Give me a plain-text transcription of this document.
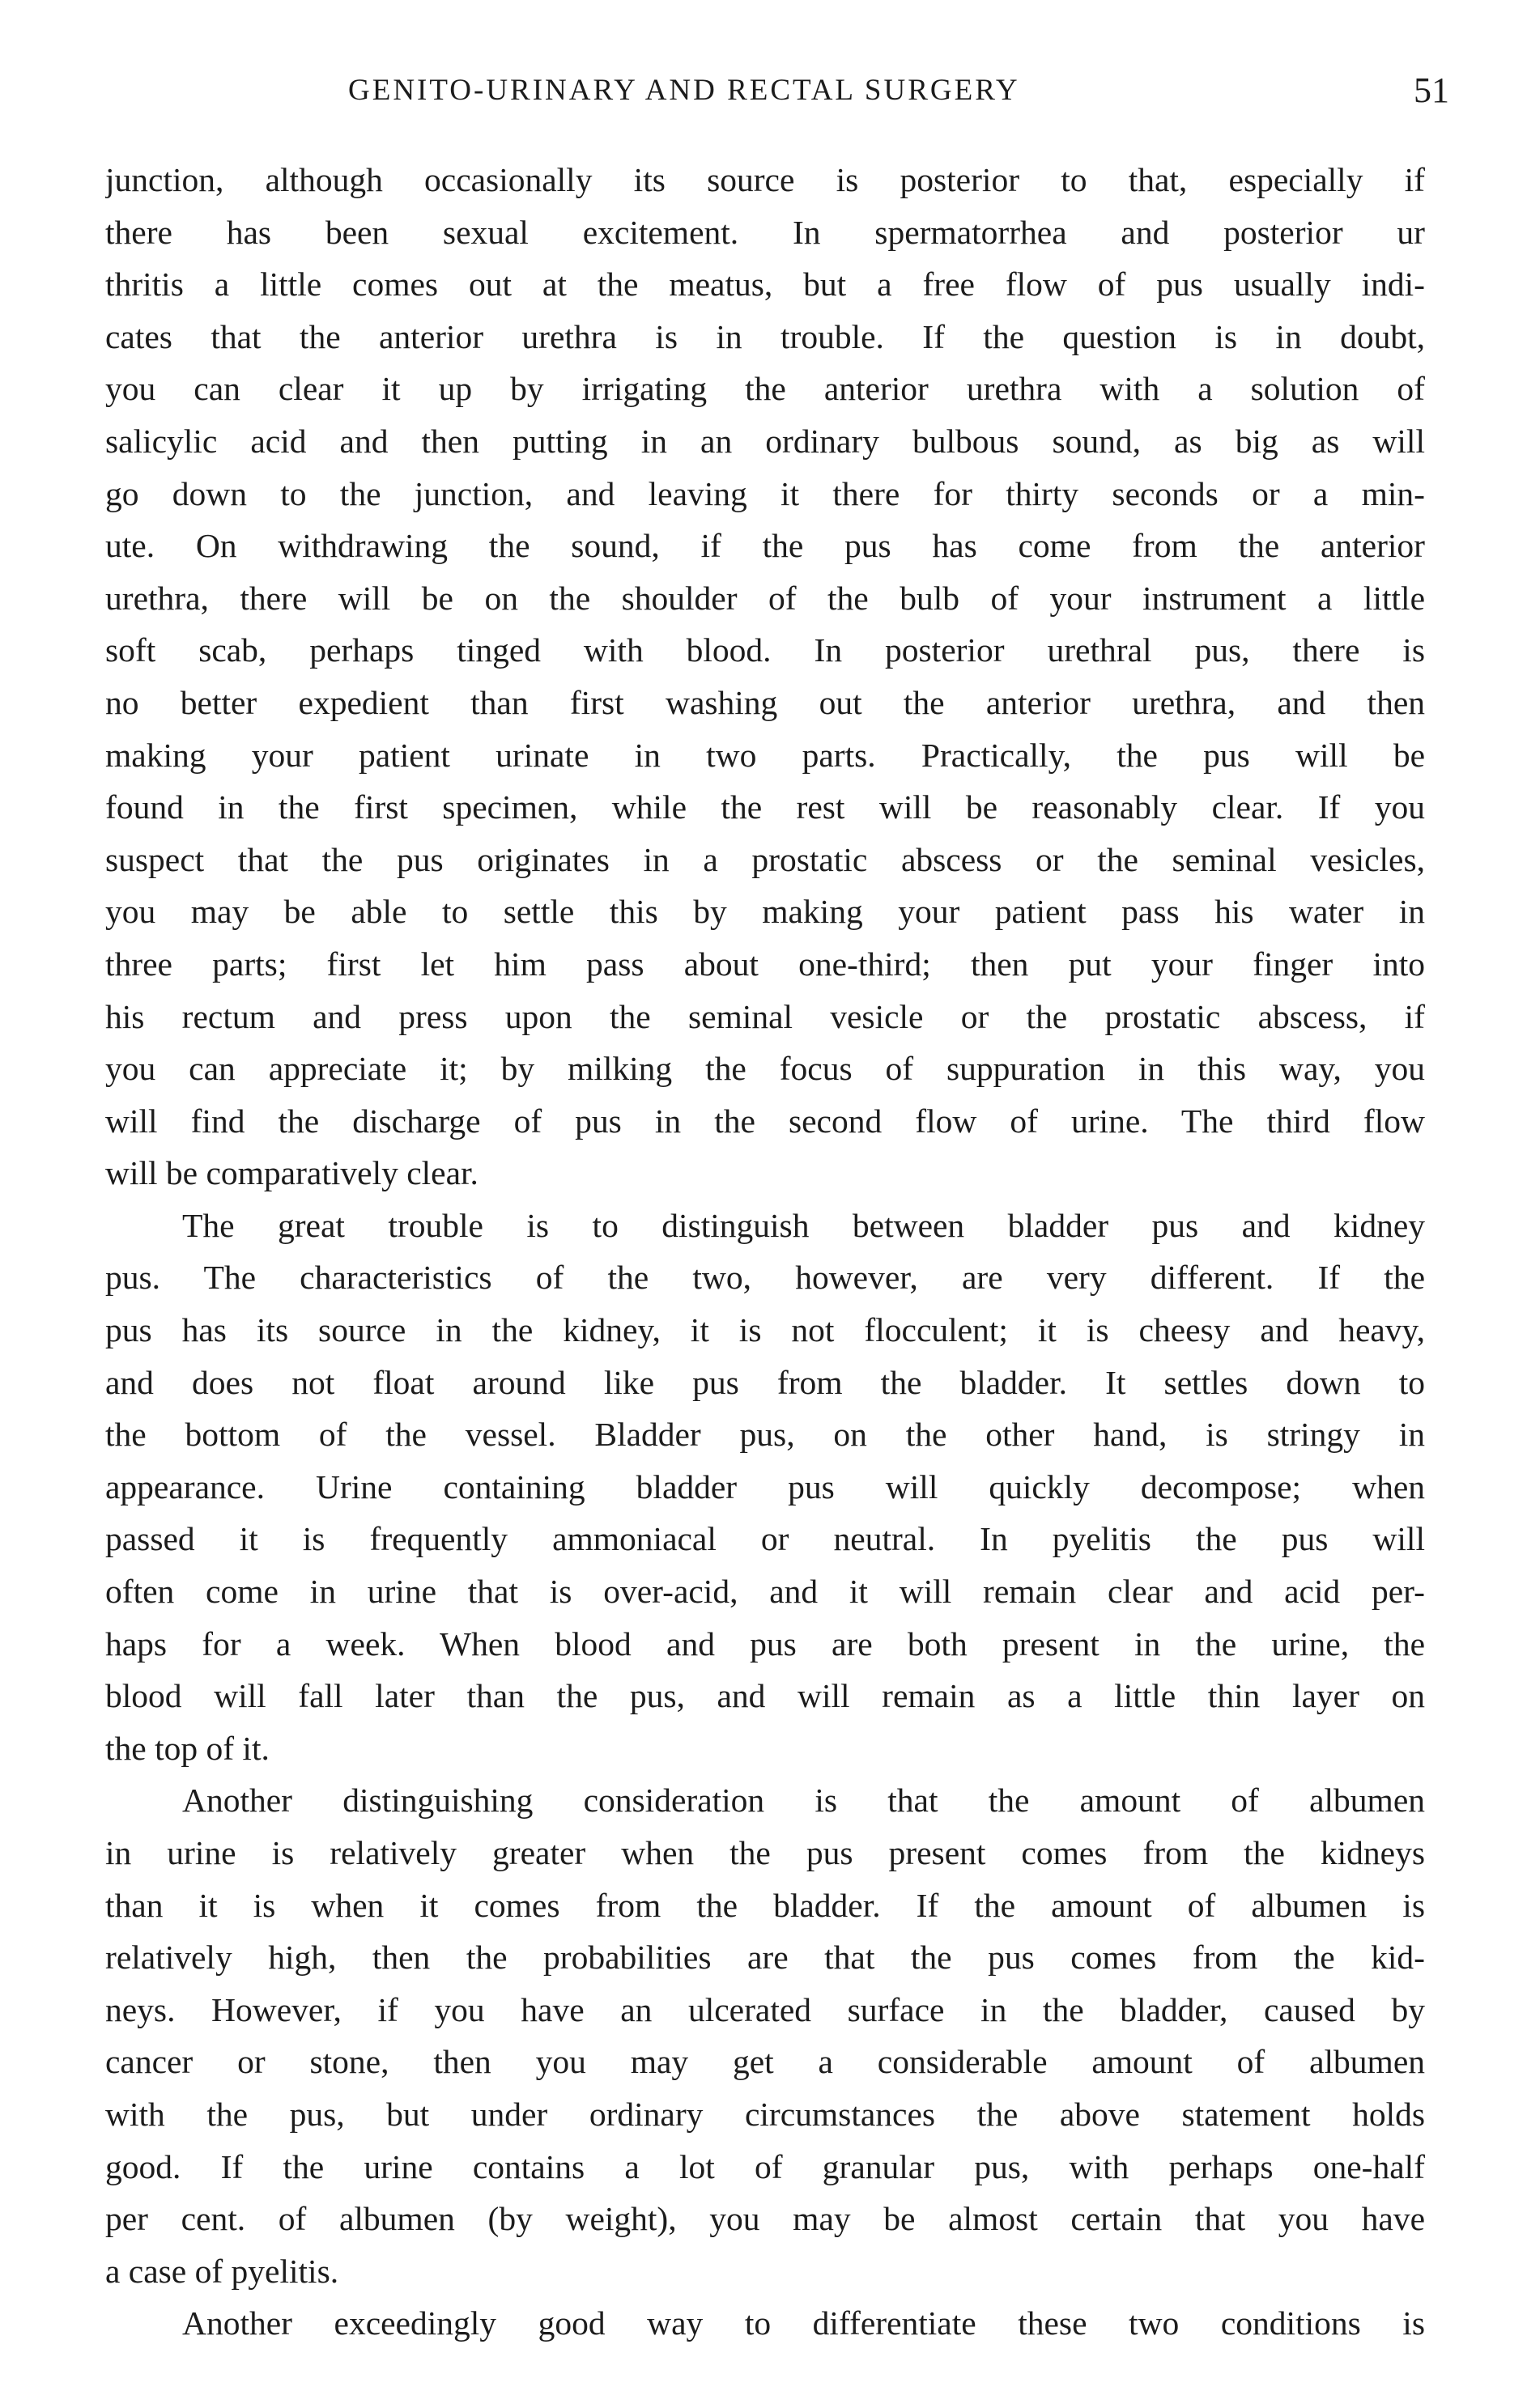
GENITO-URINARY AND RECTAL SURGERY	51
junction, although occasionally its source is posterior to that, especially if
there has been sexual excitement. In spermatorrhea and posterior ur
thritis a little comes out at the meatus, but a free flow of pus usually indi-
cates that the anterior urethra is in trouble. If the question is in doubt,
you can clear it up by irrigating the anterior urethra with a solution of
salicylic acid and then putting in an ordinary bulbous sound, as big as will
go down to the junction, and leaving it there for thirty seconds or a min-
ute. On withdrawing the sound, if the pus has come from the anterior
urethra, there will be on the shoulder of the bulb of your instrument a little
soft scab, perhaps tinged with blood. In posterior urethral pus, there is
no better expedient than first washing out the anterior urethra, and then
making your patient urinate in two parts. Practically, the pus will be
found in the first specimen, while the rest will be reasonably clear. If you
suspect that the pus originates in a prostatic abscess or the seminal vesicles,
you may be able to settle this by making your patient pass his water in
three parts; first let him pass about one-third; then put your finger into
his rectum and press upon the seminal vesicle or the prostatic abscess, if
you can appreciate it; by milking the focus of suppuration in this way, you
will find the discharge of pus in the second flow of urine. The third flow
will be comparatively clear.
The great trouble is to distinguish between bladder pus and kidney
pus. The characteristics of the two, however, are very different. If the
pus has its source in the kidney, it is not flocculent; it is cheesy and heavy,
and does not float around like pus from the bladder. It settles down to
the bottom of the vessel. Bladder pus, on the other hand, is stringy in
appearance. Urine containing bladder pus will quickly decompose; when
passed it is frequently ammoniacal or neutral. In pyelitis the pus will
often come in urine that is over-acid, and it will remain clear and acid per-
haps for a week. When blood and pus are both present in the urine, the
blood will fall later than the pus, and will remain as a little thin layer on
the top of it.
Another distinguishing consideration is that the amount of albumen
in urine is relatively greater when the pus present comes from the kidneys
than it is when it comes from the bladder. If the amount of albumen is
relatively high, then the probabilities are that the pus comes from the kid-
neys. However, if you have an ulcerated surface in the bladder, caused by
cancer or stone, then you may get a considerable amount of albumen
with the pus, but under ordinary circumstances the above statement holds
good. If the urine contains a lot of granular pus, with perhaps one-half
per cent. of albumen (by weight), you may be almost certain that you have
a case of pyelitis.
Another exceedingly good way to differentiate these two conditions is
